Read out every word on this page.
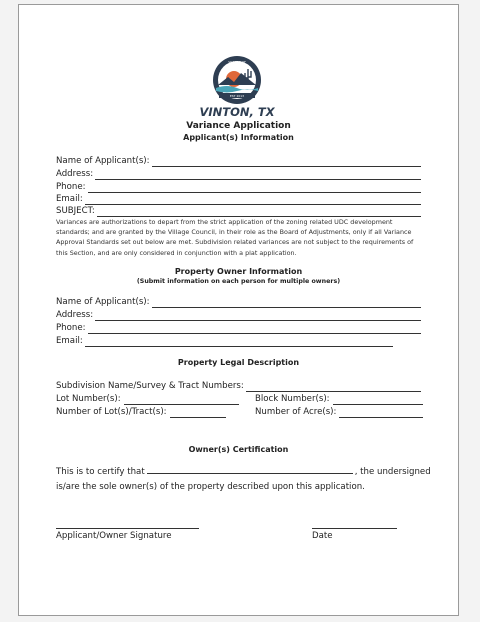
VILLAGE OF
EST 2013
VINTON, TX
Variance Application
Applicant(s) Information
Name of Applicant(s):
Address:
Phone:
Email:
SUBJECT:
Variances are authorizations to depart from the strict application of the zoning related UDC development standards; and are granted by the Village Council, in their role as the Board of Adjustments, only if all Variance Approval Standards set out below are met. Subdivision related variances are not subject to the requirements of this Section, and are only considered in conjunction with a plat application.
Property Owner Information
(Submit information on each person for multiple owners)
Name of Applicant(s):
Address:
Phone:
Email:
Property Legal Description
Subdivision Name/Survey & Tract Numbers:
Lot Number(s):	Block Number(s):
Number of Lot(s)/Tract(s):	Number of Acre(s):
Owner(s) Certification
This is to certify that	, the undersigned
is/are the sole owner(s) of the property described upon this application.
Applicant/Owner Signature	Date
